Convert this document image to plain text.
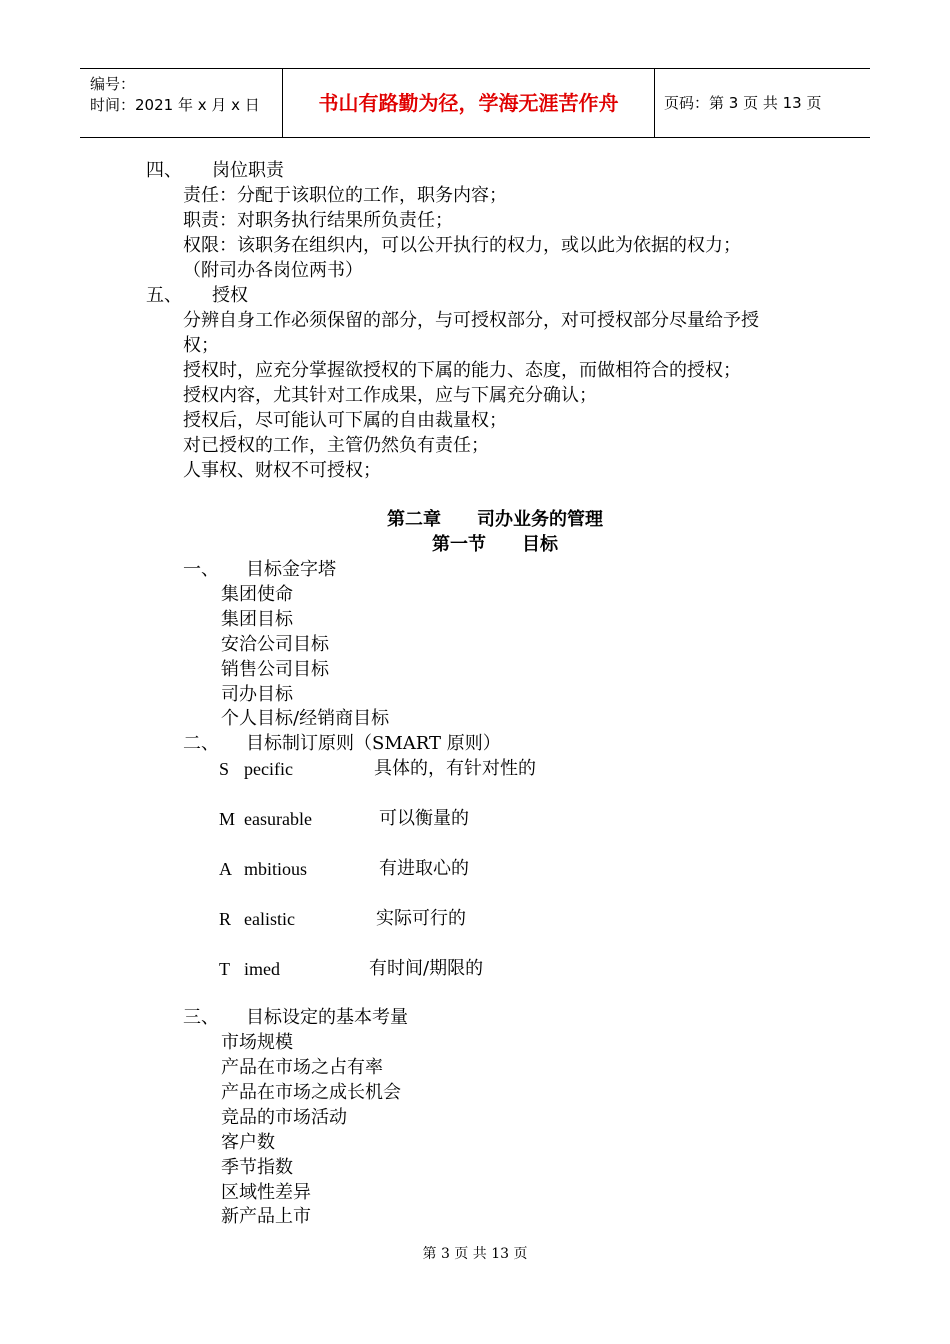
编号：
时间：2021 年 x 月 x 日	书山有路勤为径，学海无涯苦作舟	页码：第 3 页 共 13 页
四、 岗位职责
责任：分配于该职位的工作，职务内容；
职责：对职务执行结果所负责任；
权限：该职务在组织内，可以公开执行的权力，或以此为依据的权力；
（附司办各岗位两书）
五、 授权
分辨自身工作必须保留的部分，与可授权部分，对可授权部分尽量给予授
权；
授权时，应充分掌握欲授权的下属的能力、态度，而做相符合的授权；
授权内容，尤其针对工作成果，应与下属充分确认；
授权后，尽可能认可下属的自由裁量权；
对已授权的工作，主管仍然负有责任；
人事权、财权不可授权；
第二章　　司办业务的管理
第一节　　目标
一、 目标金字塔
集团使命
集团目标
安洽公司目标
销售公司目标
司办目标
个人目标/经销商目标
二、 目标制订原则（SMART 原则）
S pecific	具体的，有针对性的
M easurable	可以衡量的
A mbitious	有进取心的
R ealistic	实际可行的
T imed	有时间/期限的
三、 目标设定的基本考量
市场规模
产品在市场之占有率
产品在市场之成长机会
竞品的市场活动
客户数
季节指数
区域性差异
新产品上市
第 3 页 共 13 页
